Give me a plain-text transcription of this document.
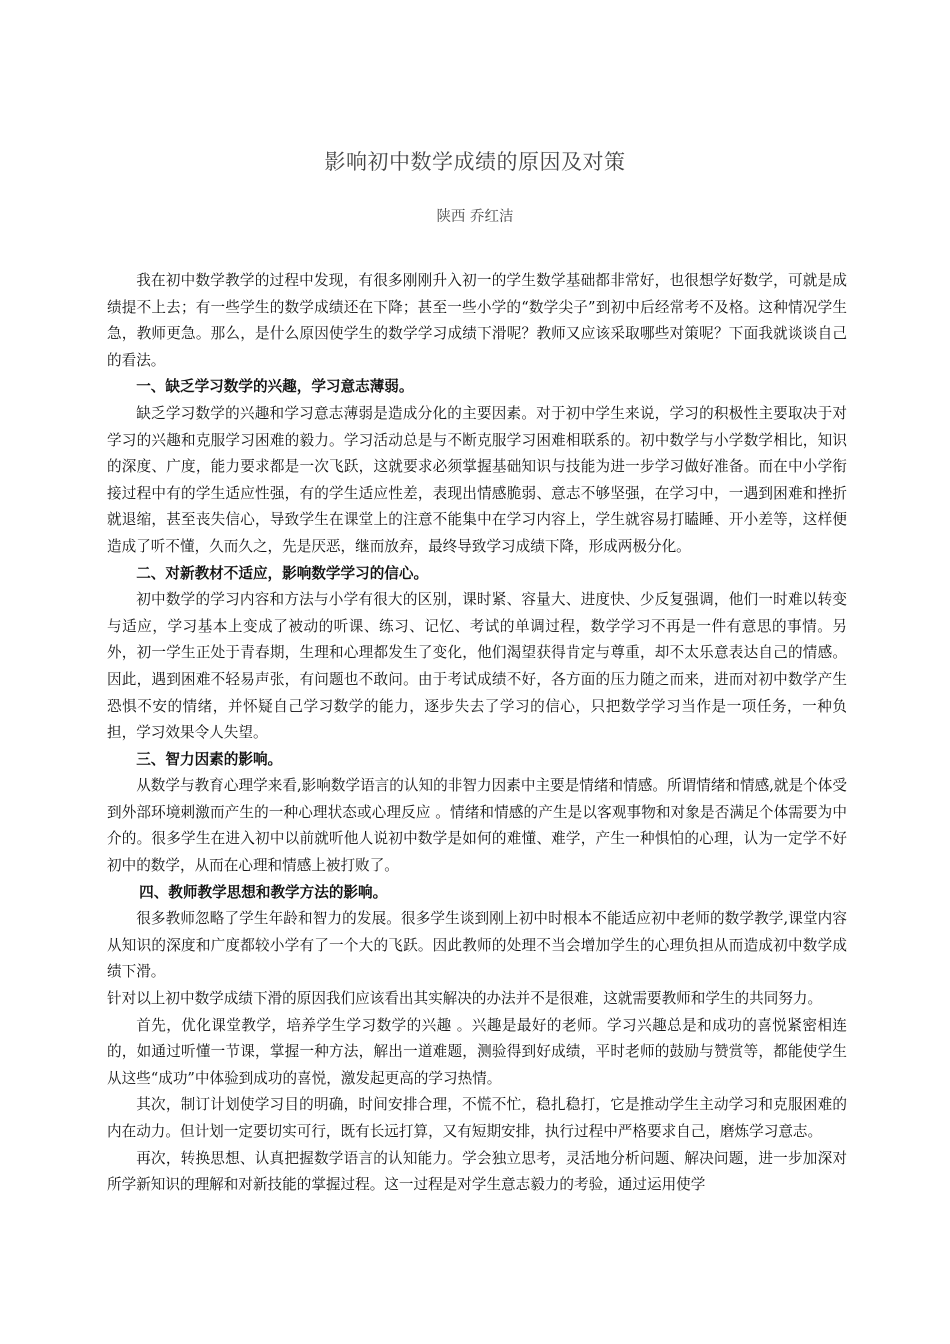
影响初中数学成绩的原因及对策
陕西 乔红洁

我在初中数学教学的过程中发现，有很多刚刚升入初一的学生数学基础都非常好，也很想学好数学，可就是成绩提不上去；有一些学生的数学成绩还在下降；甚至一些小学的“数学尖子”到初中后经常考不及格。这种情况学生急，教师更急。那么，是什么原因使学生的数学学习成绩下滑呢？教师又应该采取哪些对策呢？下面我就谈谈自己的看法。

一、缺乏学习数学的兴趣，学习意志薄弱。

缺乏学习数学的兴趣和学习意志薄弱是造成分化的主要因素。对于初中学生来说，学习的积极性主要取决于对学习的兴趣和克服学习困难的毅力。学习活动总是与不断克服学习困难相联系的。初中数学与小学数学相比，知识的深度、广度，能力要求都是一次飞跃，这就要求必须掌握基础知识与技能为进一步学习做好准备。而在中小学衔接过程中有的学生适应性强，有的学生适应性差，表现出情感脆弱、意志不够坚强，在学习中，一遇到困难和挫折就退缩，甚至丧失信心，导致学生在课堂上的注意不能集中在学习内容上，学生就容易打瞌睡、开小差等，这样便造成了听不懂，久而久之，先是厌恶，继而放弃，最终导致学习成绩下降，形成两极分化。

二、对新教材不适应，影响数学学习的信心。

初中数学的学习内容和方法与小学有很大的区别，课时紧、容量大、进度快、少反复强调，他们一时难以转变与适应，学习基本上变成了被动的听课、练习、记忆、考试的单调过程，数学学习不再是一件有意思的事情。另外，初一学生正处于青春期，生理和心理都发生了变化，他们渴望获得肯定与尊重，却不太乐意表达自己的情感。因此，遇到困难不轻易声张，有问题也不敢问。由于考试成绩不好，各方面的压力随之而来，进而对初中数学产生恐惧不安的情绪，并怀疑自己学习数学的能力，逐步失去了学习的信心，只把数学学习当作是一项任务，一种负担，学习效果令人失望。

三、智力因素的影响。

从数学与教育心理学来看,影响数学语言的认知的非智力因素中主要是情绪和情感。所谓情绪和情感,就是个体受到外部环境刺激而产生的一种心理状态或心理反应 。情绪和情感的产生是以客观事物和对象是否满足个体需要为中介的。很多学生在进入初中以前就听他人说初中数学是如何的难懂、难学，产生一种惧怕的心理，认为一定学不好初中的数学，从而在心理和情感上被打败了。

四、教师教学思想和教学方法的影响。

很多教师忽略了学生年龄和智力的发展。很多学生谈到刚上初中时根本不能适应初中老师的数学教学,课堂内容从知识的深度和广度都较小学有了一个大的飞跃。因此教师的处理不当会增加学生的心理负担从而造成初中数学成绩下滑。

针对以上初中数学成绩下滑的原因我们应该看出其实解决的办法并不是很难，这就需要教师和学生的共同努力。

首先，优化课堂教学，培养学生学习数学的兴趣 。兴趣是最好的老师。学习兴趣总是和成功的喜悦紧密相连的，如通过听懂一节课，掌握一种方法，解出一道难题，测验得到好成绩，平时老师的鼓励与赞赏等，都能使学生从这些“成功”中体验到成功的喜悦，激发起更高的学习热情。

其次，制订计划使学习目的明确，时间安排合理，不慌不忙，稳扎稳打，它是推动学生主动学习和克服困难的内在动力。但计划一定要切实可行，既有长远打算，又有短期安排，执行过程中严格要求自己，磨炼学习意志。

再次，转换思想、认真把握数学语言的认知能力。学会独立思考，灵活地分析问题、解决问题，进一步加深对所学新知识的理解和对新技能的掌握过程。这一过程是对学生意志毅力的考验，通过运用使学
